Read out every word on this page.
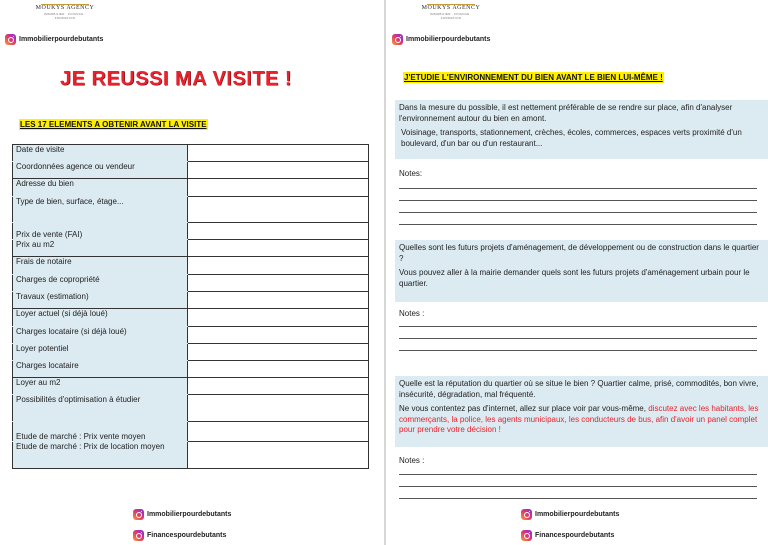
MOUKYS AGENCY
IMMOBILIER · FINANCE · FORMATION
Immobilierpourdebutants
JE REUSSI MA VISITE !
LES 17 ELEMENTS A OBTENIR AVANT LA VISITE
Date de visite	
Coordonnées agence ou vendeur	
Adresse du bien	
Type de bien, surface, étage...	
Prix de vente (FAI)	
Prix au m2	
Frais de notaire	
Charges de copropriété	
Travaux (estimation)	
Loyer actuel (si déjà loué)	
Charges locataire (si déjà loué)	
Loyer potentiel	
Charges locataire	
Loyer au m2	
Possibilités d'optimisation à étudier	
Etude de marché : Prix vente moyen	
Etude de marché : Prix de location moyen	
Immobilierpourdebutants
Financespourdebutants
MOUKYS AGENCY
IMMOBILIER · FINANCE · FORMATION
Immobilierpourdebutants
J'ETUDIE L'ENVIRONNEMENT DU BIEN AVANT LE BIEN LUI-MÊME !

Dans la mesure du possible, il est nettement préférable de se rendre sur place, afin d'analyser l'environnement autour du bien en amont.

Voisinage, transports, stationnement, crèches, écoles, commerces, espaces verts proximité d'un boulevard, d'un bar ou d'un restaurant...

Notes:

Quelles sont les futurs projets d'aménagement, de développement ou de construction dans le quartier ?

Vous pouvez aller à la mairie demander quels sont les futurs projets d'aménagement urbain pour le quartier.

Notes :

Quelle est la réputation du quartier où se situe le bien ? Quartier calme, prisé, commodités, bon vivre, insécurité, dégradation, mal fréquenté.

Ne vous contentez pas d'internet, allez sur place voir par vous-même, discutez avec les habitants, les commerçants, la police, les agents municipaux, les conducteurs de bus, afin d'avoir un panel complet pour prendre votre décision !

Notes :
Immobilierpourdebutants
Financespourdebutants
